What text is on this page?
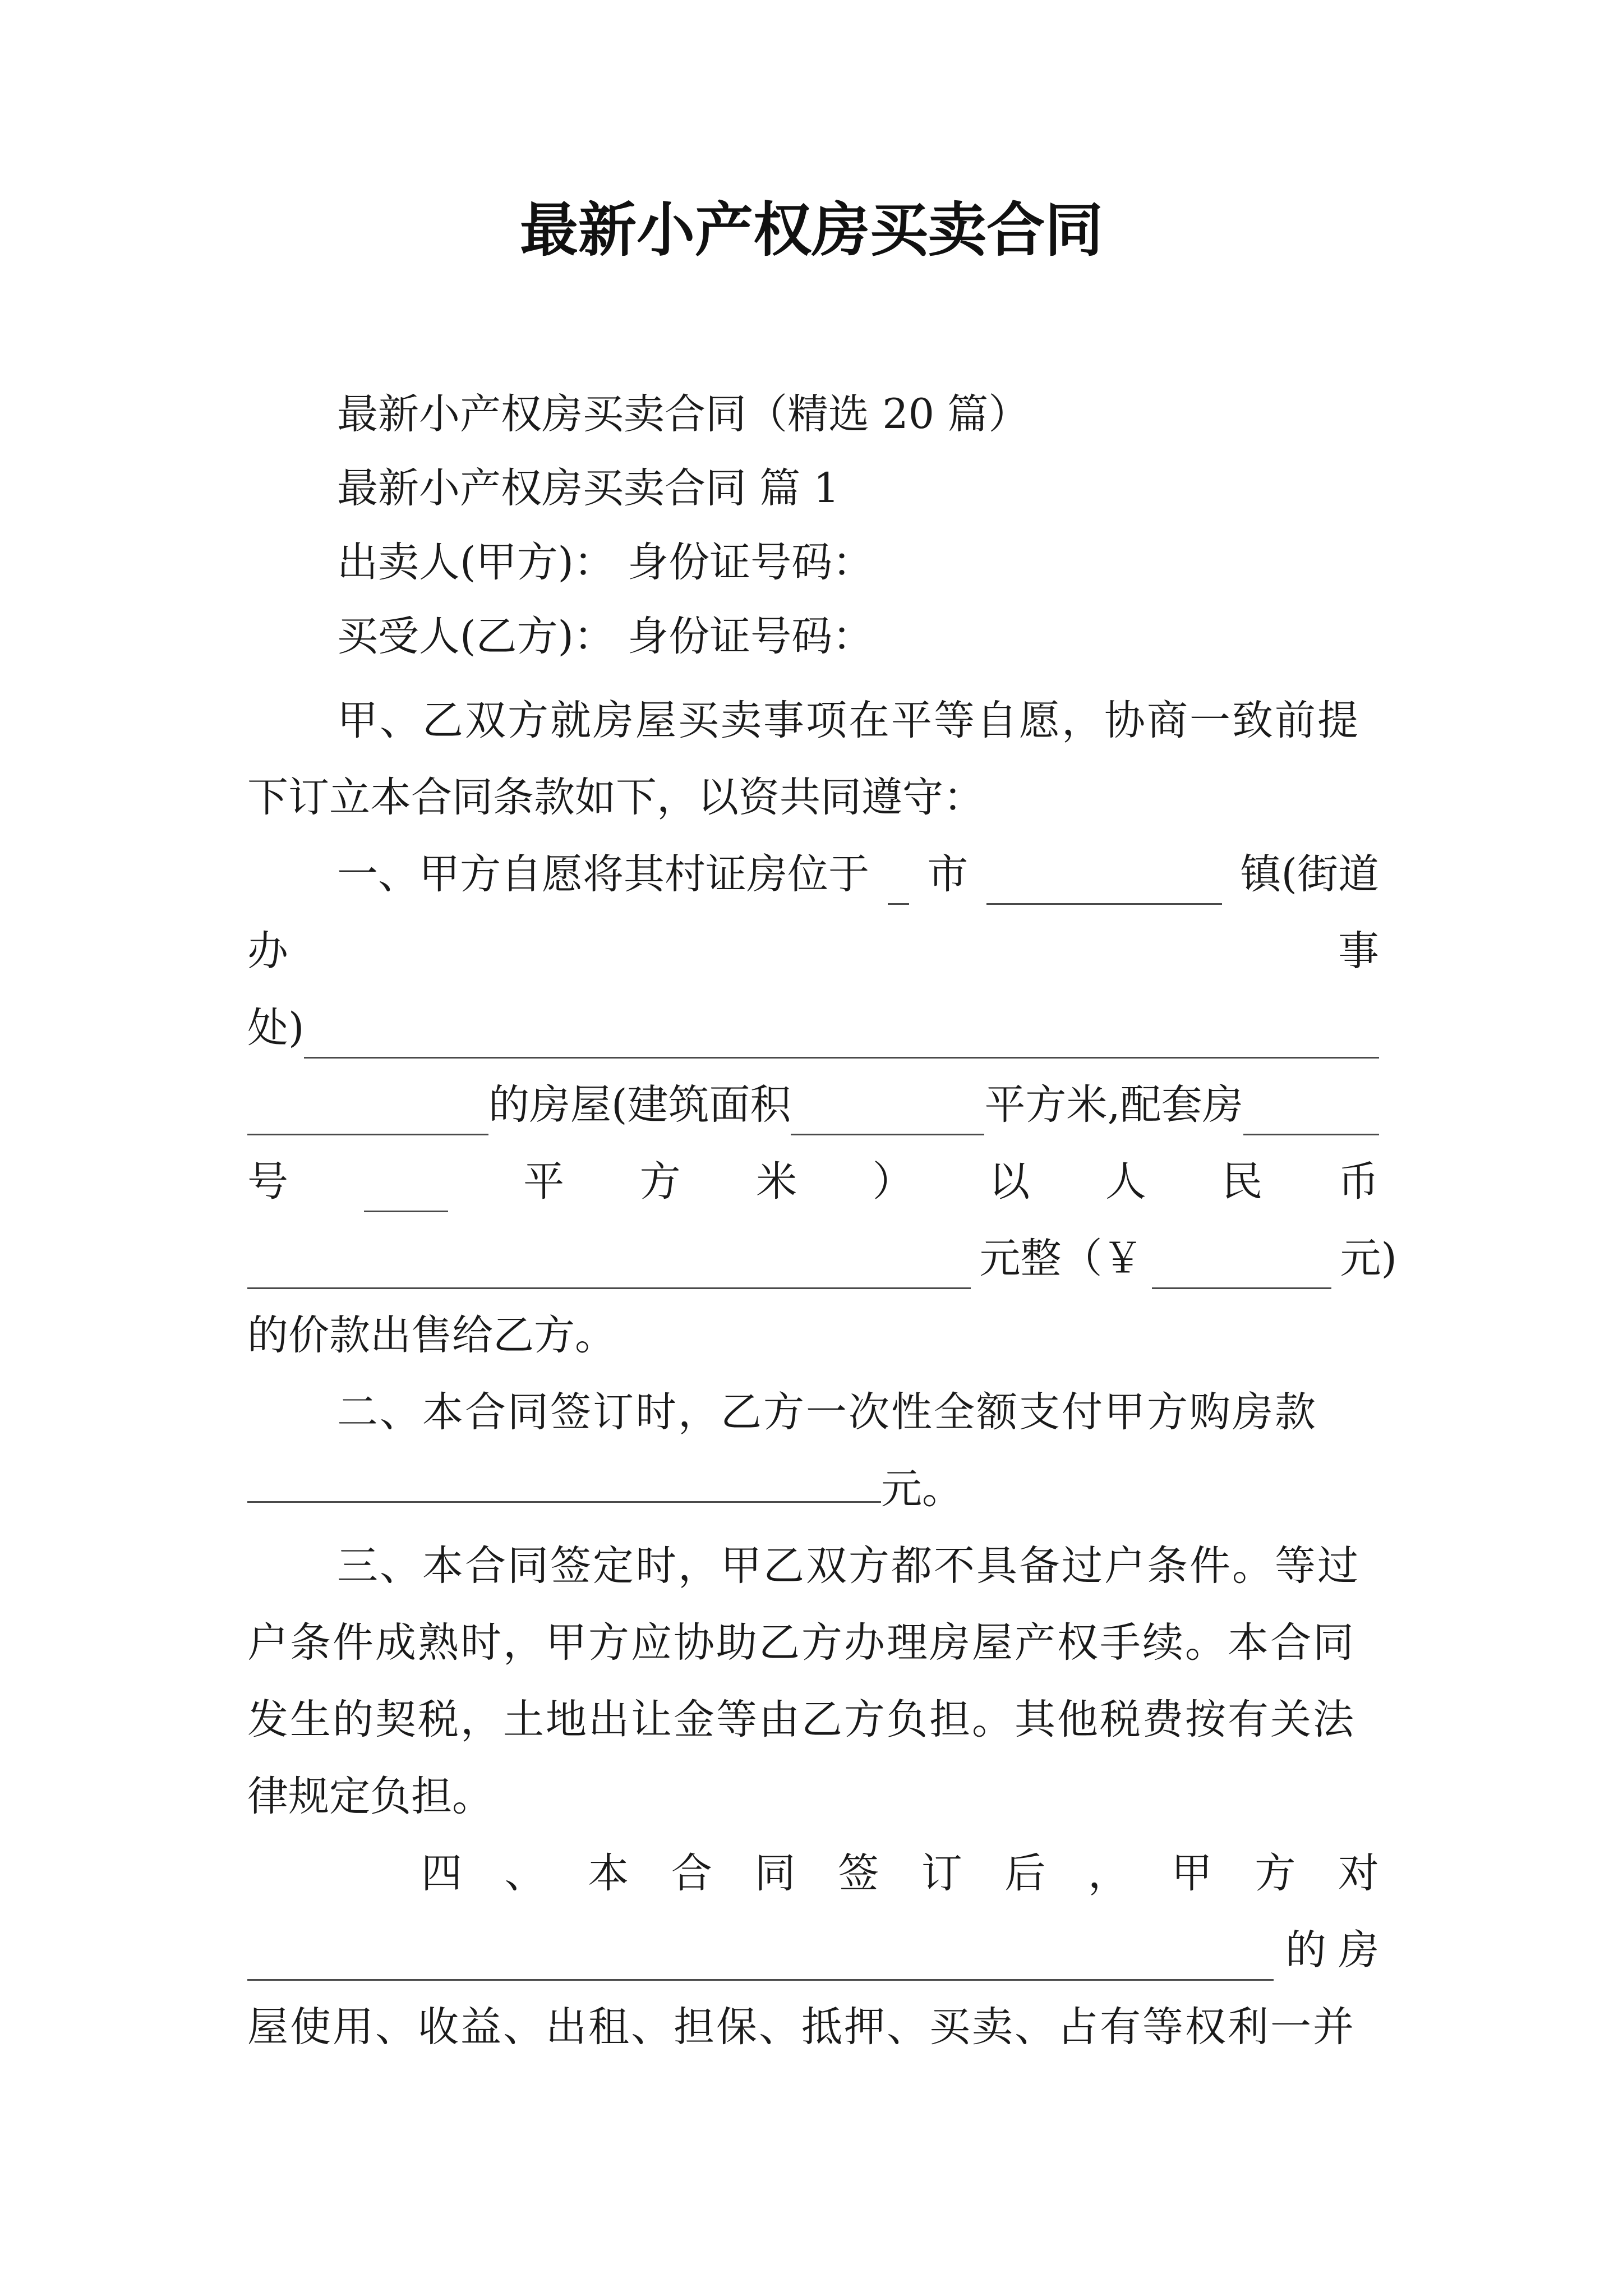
最新小产权房买卖合同
最新小产权房买卖合同（精选 20 篇）
最新小产权房买卖合同 篇 1
出卖人(甲方)： 身份证号码：
买受人(乙方)： 身份证号码：
甲、乙双方就房屋买卖事项在平等自愿，协商一致前提
下订立本合同条款如下，以资共同遵守：
一、甲方自愿将其村证房位于 市	镇(街道
办	事
处)
的房屋(建筑面积	平方米,配套房
号	平 方 米 ） 以 人 民 币
元整（￥	元)
的价款出售给乙方。
二、本合同签订时，乙方一次性全额支付甲方购房款
元。
三、本合同签定时，甲乙双方都不具备过户条件。等过
户条件成熟时，甲方应协助乙方办理房屋产权手续。本合同
发生的契税，土地出让金等由乙方负担。其他税费按有关法
律规定负担。
四 、 本 合 同 签 订 后 ， 甲 方 对
的 房
屋使用、收益、出租、担保、抵押、买卖、占有等权利一并
